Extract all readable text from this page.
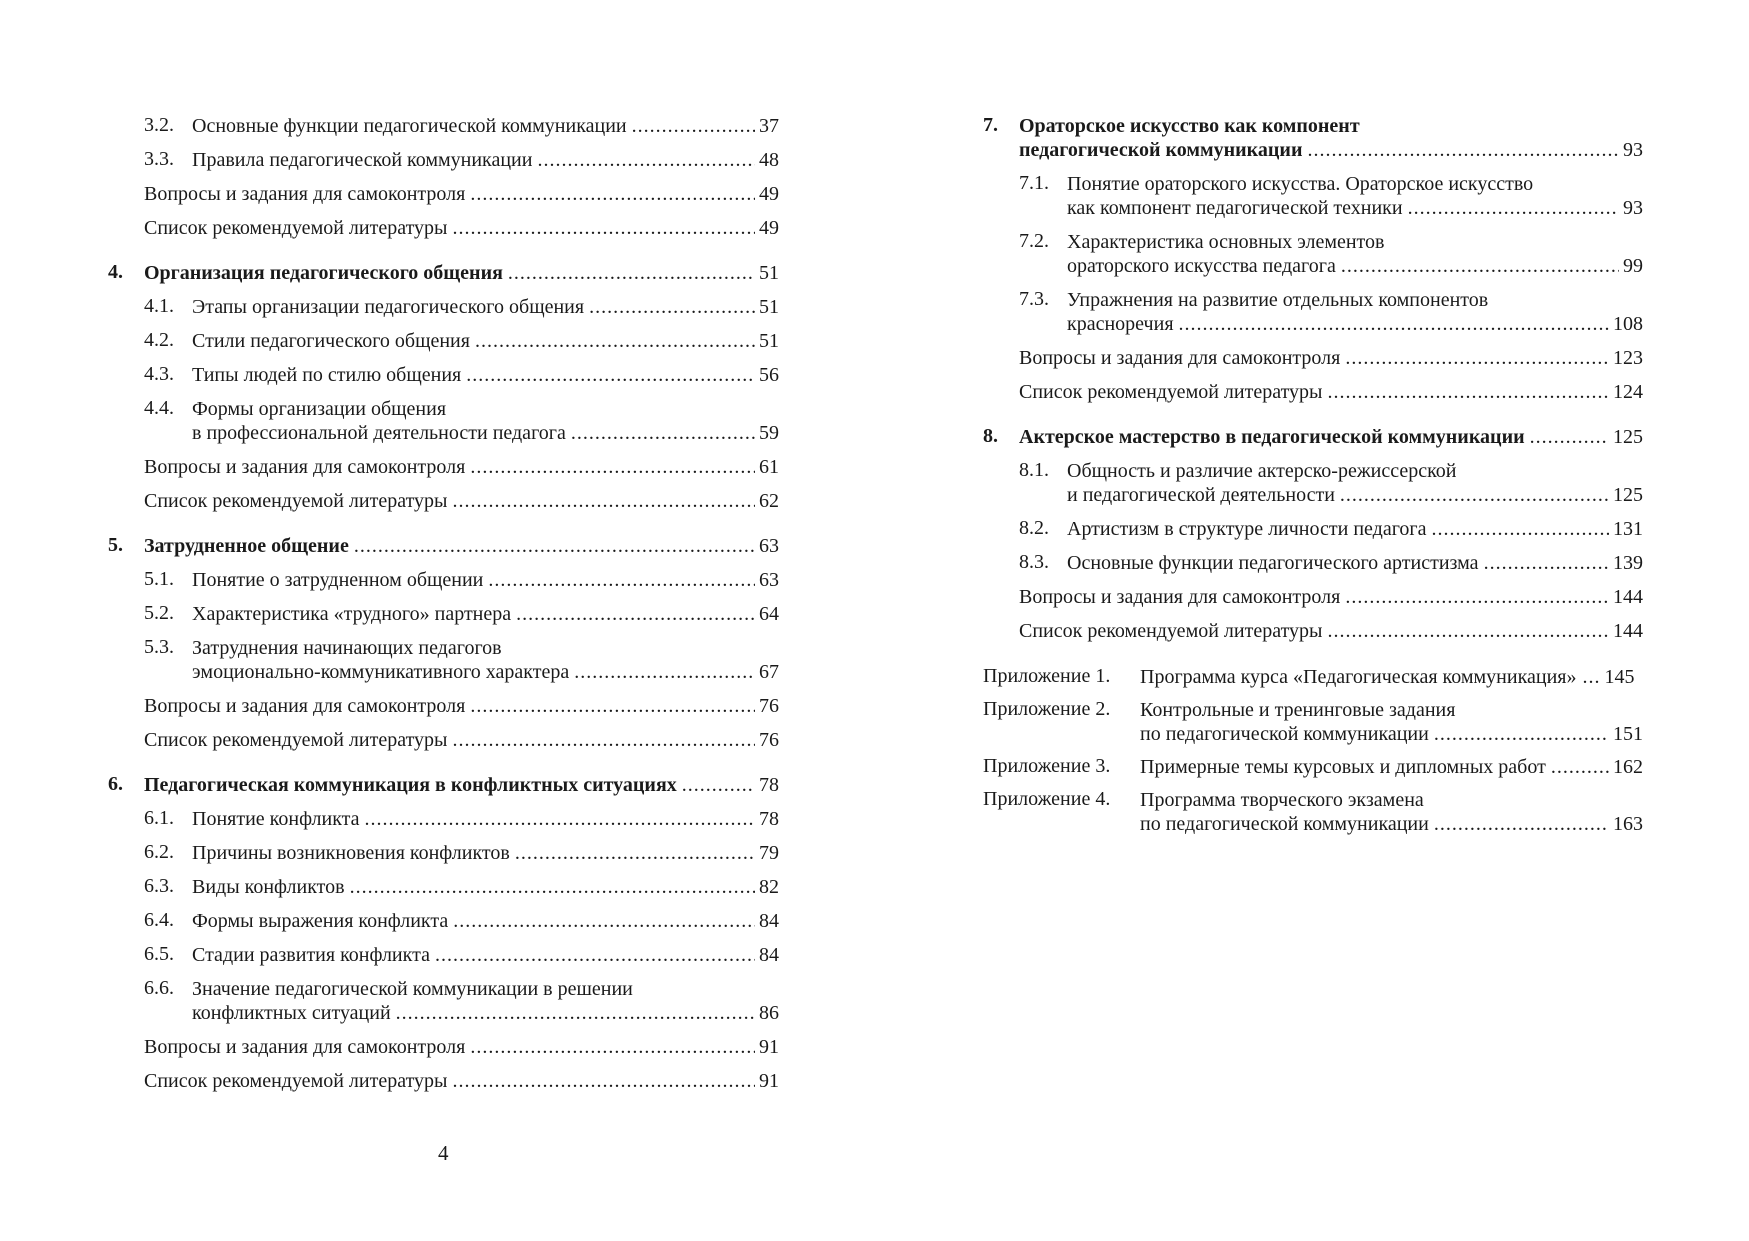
3.2. Основные функции педагогической коммуникации .....	37
3.3. Правила педагогической коммуникации .....	48
Вопросы и задания для самоконтроля .....	49
Список рекомендуемой литературы .....	49
4.	Организация педагогического общения .....	51
4.1. Этапы организации педагогического общения .....	51
4.2. Стили педагогического общения .....	51
4.3. Типы людей по стилю общения .....	56
4.4. Формы организации общения
в профессиональной деятельности педагога .....	59
Вопросы и задания для самоконтроля .....	61
Список рекомендуемой литературы .....	62
5.	Затрудненное общение .....	63
5.1. Понятие о затрудненном общении .....	63
5.2. Характеристика «трудного» партнера .....	64
5.3. Затруднения начинающих педагогов
эмоционально-коммуникативного характера .....	67
Вопросы и задания для самоконтроля .....	76
Список рекомендуемой литературы .....	76
6.	Педагогическая коммуникация в конфликтных ситуациях .....	78
6.1. Понятие конфликта .....	78
6.2. Причины возникновения конфликтов .....	79
6.3. Виды конфликтов .....	82
6.4. Формы выражения конфликта .....	84
6.5. Стадии развития конфликта .....	84
6.6. Значение педагогической коммуникации в решении
конфликтных ситуаций .....	86
Вопросы и задания для самоконтроля .....	91
Список рекомендуемой литературы .....	91
4
7.	Ораторское искусство как компонент
педагогической коммуникации .....	93
7.1. Понятие ораторского искусства. Ораторское искусство
как компонент педагогической техники .....	93
7.2. Характеристика основных элементов
ораторского искусства педагога .....	99
7.3. Упражнения на развитие отдельных компонентов
красноречия .....	108
Вопросы и задания для самоконтроля .....	123
Список рекомендуемой литературы .....	124
8.	Актерское мастерство в педагогической коммуникации .....	125
8.1. Общность и различие актерско-режиссерской
и педагогической деятельности .....	125
8.2. Артистизм в структуре личности педагога .....	131
8.3. Основные функции педагогического артистизма .....	139
Вопросы и задания для самоконтроля .....	144
Список рекомендуемой литературы .....	144
Приложение 1.	Программа курса «Педагогическая коммуникация» ..... 145
Приложение 2.	Контрольные и тренинговые задания
по педагогической коммуникации .....	151
Приложение 3.	Примерные темы курсовых и дипломных работ .....	162
Приложение 4.	Программа творческого экзамена
по педагогической коммуникации .....	163
